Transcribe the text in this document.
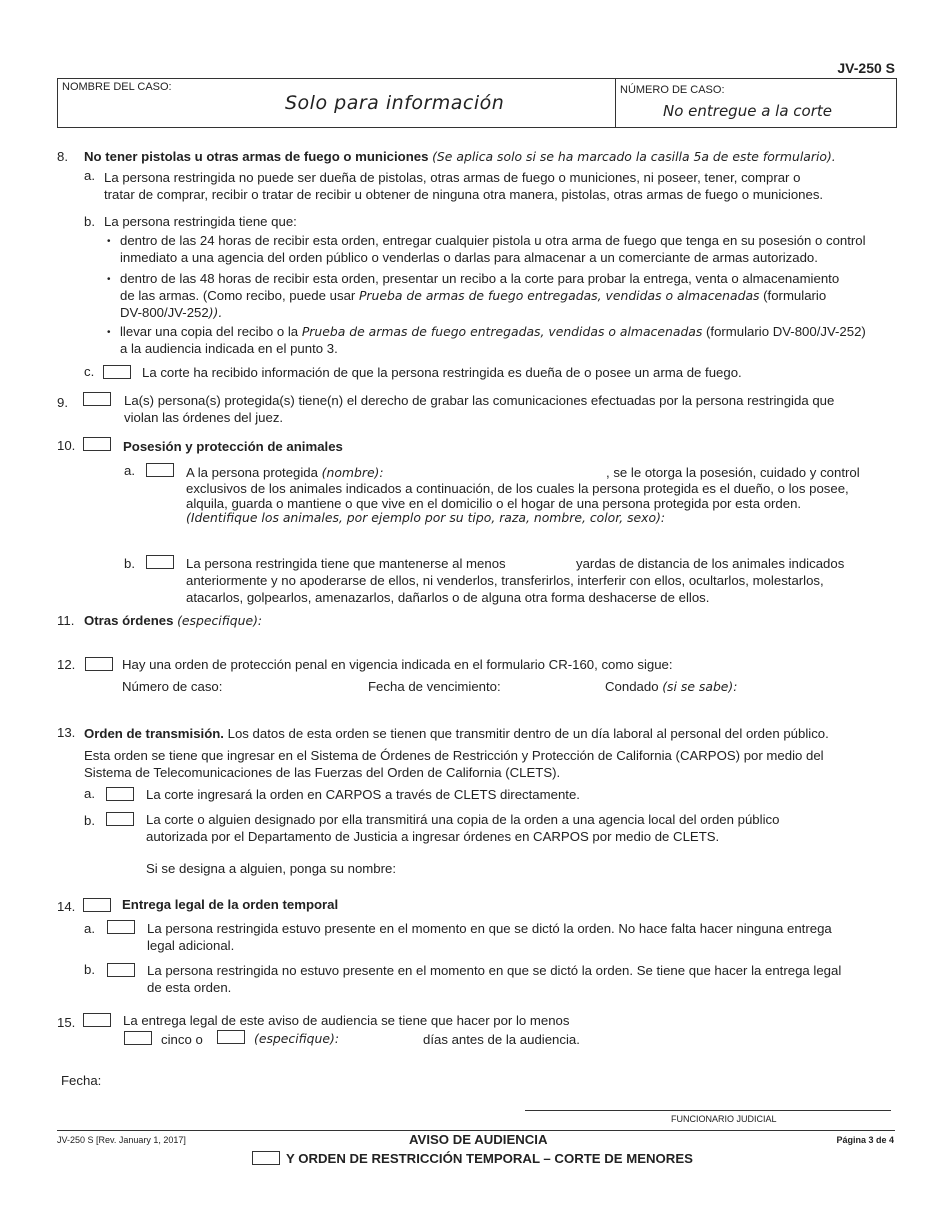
JV-250 S
NOMBRE DEL CASO:
Solo para información
NÚMERO DE CASO:
No entregue a la corte
8. No tener pistolas u otras armas de fuego o municiones (Se aplica solo si se ha marcado la casilla 5a de este formulario).
a. La persona restringida no puede ser dueña de pistolas, otras armas de fuego o municiones, ni poseer, tener, comprar o
tratar de comprar, recibir o tratar de recibir u obtener de ninguna otra manera, pistolas, otras armas de fuego o municiones.
b. La persona restringida tiene que:
• dentro de las 24 horas de recibir esta orden, entregar cualquier pistola u otra arma de fuego que tenga en su posesión o control
inmediato a una agencia del orden público o venderlas o darlas para almacenar a un comerciante de armas autorizado.
• dentro de las 48 horas de recibir esta orden, presentar un recibo a la corte para probar la entrega, venta o almacenamiento
de las armas. (Como recibo, puede usar Prueba de armas de fuego entregadas, vendidas o almacenadas (formulario
DV-800/JV-252)).
• llevar una copia del recibo o la Prueba de armas de fuego entregadas, vendidas o almacenadas (formulario DV-800/JV-252)
a la audiencia indicada en el punto 3.
c.	La corte ha recibido información de que la persona restringida es dueña de o posee un arma de fuego.
9.	La(s) persona(s) protegida(s) tiene(n) el derecho de grabar las comunicaciones efectuadas por la persona restringida que
violan las órdenes del juez.
10.	Posesión y protección de animales
a.	A la persona protegida (nombre):	, se le otorga la posesión, cuidado y control
exclusivos de los animales indicados a continuación, de los cuales la persona protegida es el dueño, o los posee,
alquila, guarda o mantiene o que vive en el domicilio o el hogar de una persona protegida por esta orden.
(Identifique los animales, por ejemplo por su tipo, raza, nombre, color, sexo):
b.	La persona restringida tiene que mantenerse al menos	yardas de distancia de los animales indicados
anteriormente y no apoderarse de ellos, ni venderlos, transferirlos, interferir con ellos, ocultarlos, molestarlos,
atacarlos, golpearlos, amenazarlos, dañarlos o de alguna otra forma deshacerse de ellos.
11. Otras órdenes (especifique):
12.	Hay una orden de protección penal en vigencia indicada en el formulario CR-160, como sigue:
Número de caso:	Fecha de vencimiento:	Condado (si se sabe):
13. Orden de transmisión. Los datos de esta orden se tienen que transmitir dentro de un día laboral al personal del orden público.
Esta orden se tiene que ingresar en el Sistema de Órdenes de Restricción y Protección de California (CARPOS) por medio del
Sistema de Telecomunicaciones de las Fuerzas del Orden de California (CLETS).
a.	La corte ingresará la orden en CARPOS a través de CLETS directamente.
b.	La corte o alguien designado por ella transmitirá una copia de la orden a una agencia local del orden público
autorizada por el Departamento de Justicia a ingresar órdenes en CARPOS por medio de CLETS.
Si se designa a alguien, ponga su nombre:
14.	Entrega legal de la orden temporal
a.	La persona restringida estuvo presente en el momento en que se dictó la orden. No hace falta hacer ninguna entrega
legal adicional.
b.	La persona restringida no estuvo presente en el momento en que se dictó la orden. Se tiene que hacer la entrega legal
de esta orden.
15.	La entrega legal de este aviso de audiencia se tiene que hacer por lo menos
cinco o	(especifique):	días antes de la audiencia.
Fecha:
FUNCIONARIO JUDICIAL
JV-250 S [Rev. January 1, 2017]	AVISO DE AUDIENCIA
Y ORDEN DE RESTRICCIÓN TEMPORAL – CORTE DE MENORES
Página 3 de 4
